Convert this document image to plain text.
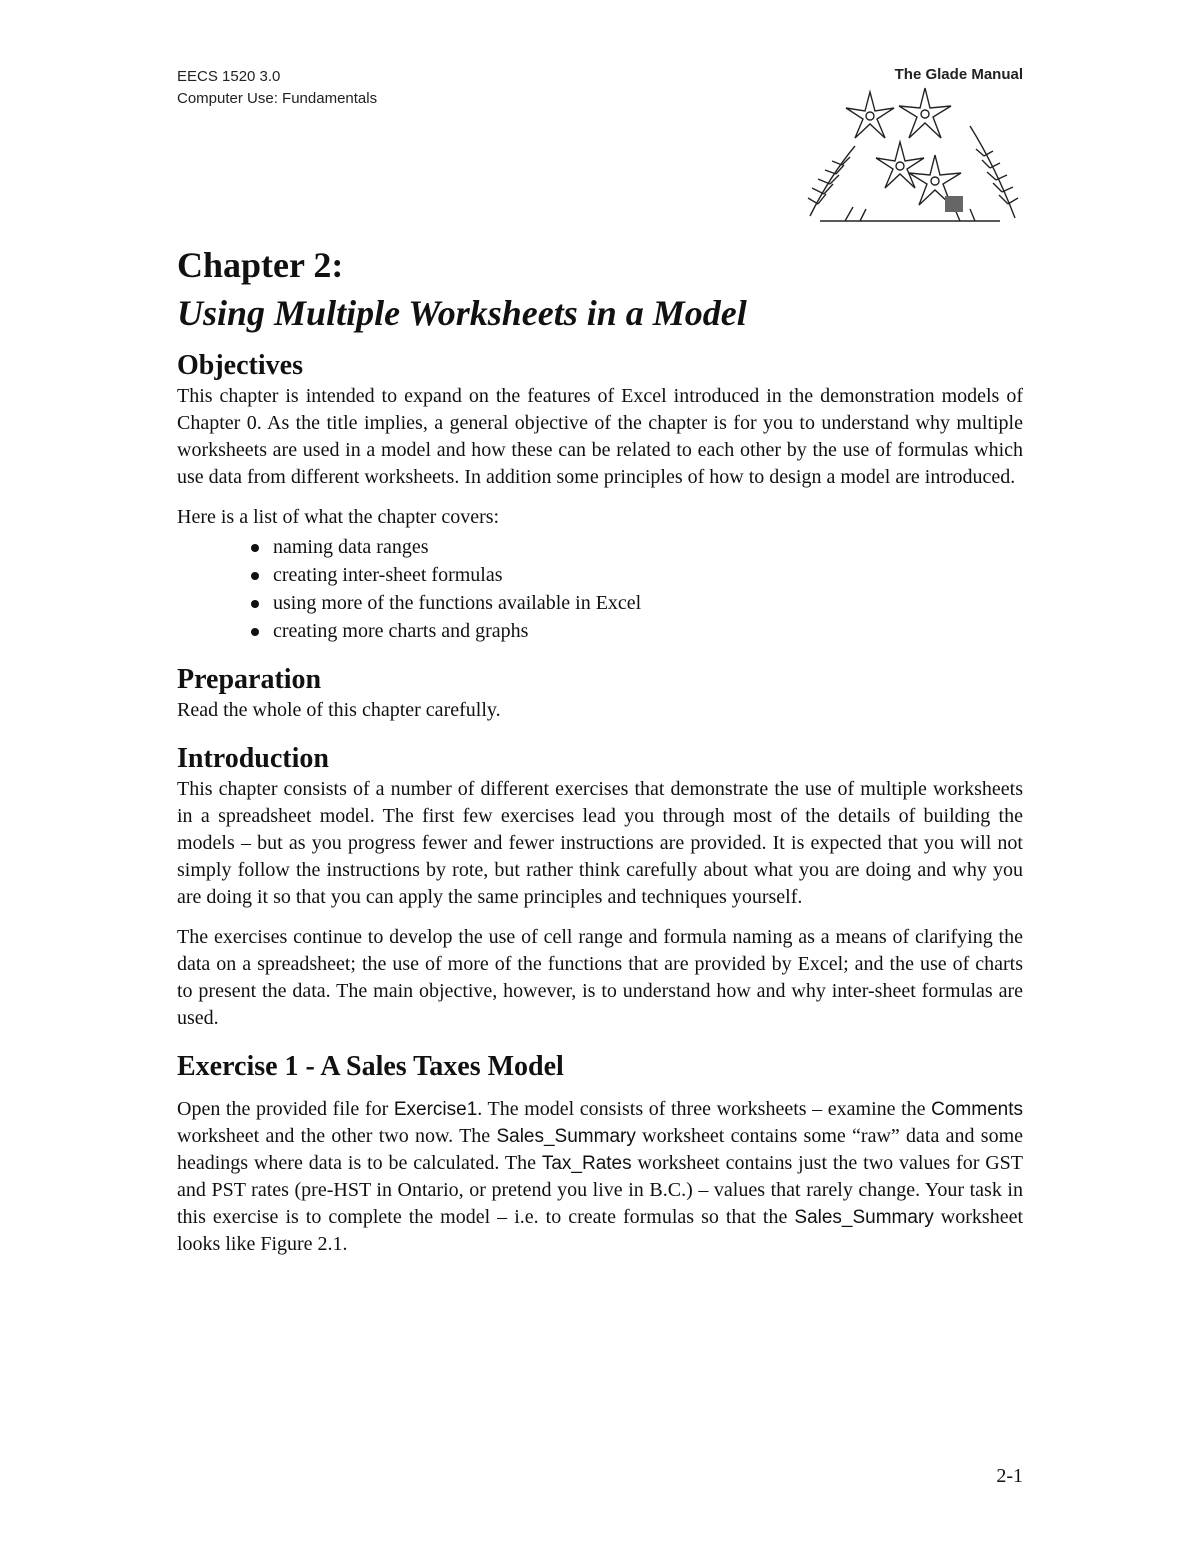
EECS 1520 3.0
Computer Use: Fundamentals
The Glade Manual
Chapter 2:
Using Multiple Worksheets in a Model
Objectives

This chapter is intended to expand on the features of Excel introduced in the demonstration models of Chapter 0. As the title implies, a general objective of the chapter is for you to understand why multiple worksheets are used in a model and how these can be related to each other by the use of formulas which use data from different worksheets. In addition some principles of how to design a model are introduced.

Here is a list of what the chapter covers:

naming data ranges
creating inter-sheet formulas
using more of the functions available in Excel
creating more charts and graphs
Preparation

Read the whole of this chapter carefully.

Introduction

This chapter consists of a number of different exercises that demonstrate the use of multiple worksheets in a spreadsheet model. The first few exercises lead you through most of the details of building the models – but as you progress fewer and fewer instructions are provided. It is expected that you will not simply follow the instructions by rote, but rather think carefully about what you are doing and why you are doing it so that you can apply the same principles and techniques yourself.

The exercises continue to develop the use of cell range and formula naming as a means of clarifying the data on a spreadsheet; the use of more of the functions that are provided by Excel; and the use of charts to present the data. The main objective, however, is to understand how and why inter-sheet formulas are used.

Exercise 1 - A Sales Taxes Model

Open the provided file for Exercise1. The model consists of three worksheets – examine the Comments worksheet and the other two now. The Sales_Summary worksheet contains some “raw” data and some headings where data is to be calculated. The Tax_Rates worksheet contains just the two values for GST and PST rates (pre-HST in Ontario, or pretend you live in B.C.) – values that rarely change. Your task in this exercise is to complete the model – i.e. to create formulas so that the Sales_Summary worksheet looks like Figure 2.1.

2-1
